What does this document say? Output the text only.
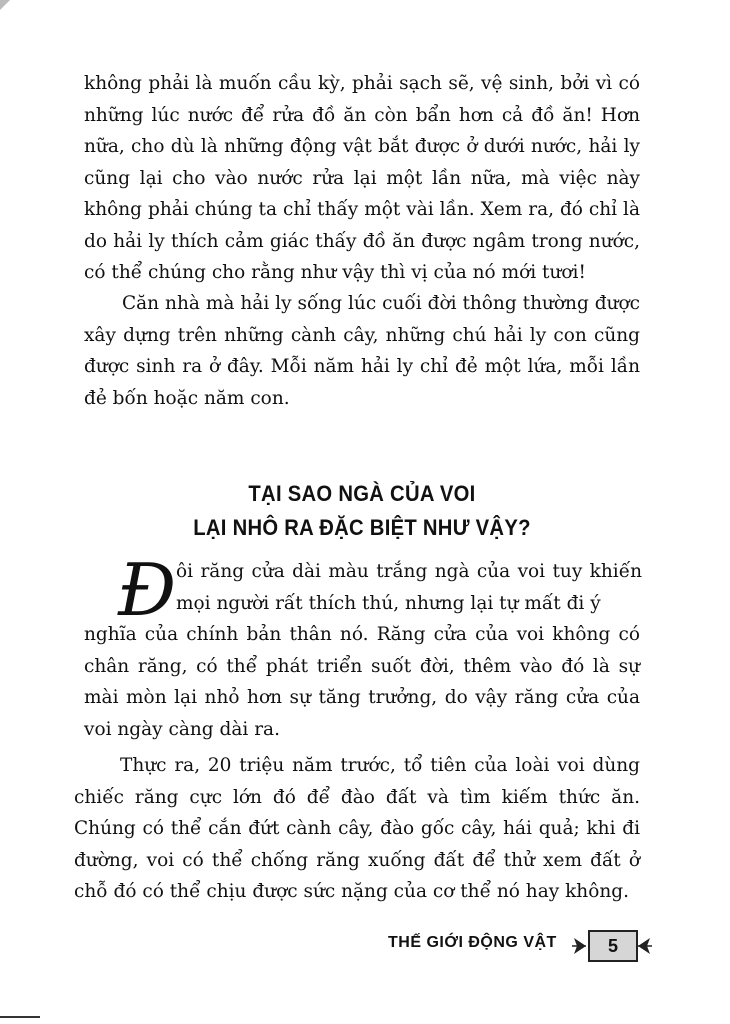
không phải là muốn cầu kỳ, phải sạch sẽ, vệ sinh, bởi vì có những lúc nước để rửa đồ ăn còn bẩn hơn cả đồ ăn! Hơn nữa, cho dù là những động vật bắt được ở dưới nước, hải ly cũng lại cho vào nước rửa lại một lần nữa, mà việc này không phải chúng ta chỉ thấy một vài lần. Xem ra, đó chỉ là do hải ly thích cảm giác thấy đồ ăn được ngâm trong nước, có thể chúng cho rằng như vậy thì vị của nó mới tươi!

Căn nhà mà hải ly sống lúc cuối đời thông thường được xây dựng trên những cành cây, những chú hải ly con cũng được sinh ra ở đây. Mỗi năm hải ly chỉ đẻ một lứa, mỗi lần đẻ bốn hoặc năm con.

TẠI SAO NGÀ CỦA VOI
LẠI NHÔ RA ĐẶC BIỆT NHƯ VẬY?
Đ ôi răng cửa dài màu trắng ngà của voi tuy khiến mọi người rất thích thú, nhưng lại tự mất đi ý

nghĩa của chính bản thân nó. Răng cửa của voi không có chân răng, có thể phát triển suốt đời, thêm vào đó là sự mài mòn lại nhỏ hơn sự tăng trưởng, do vậy răng cửa của voi ngày càng dài ra.

Thực ra, 20 triệu năm trước, tổ tiên của loài voi dùng chiếc răng cực lớn đó để đào đất và tìm kiếm thức ăn. Chúng có thể cắn đứt cành cây, đào gốc cây, hái quả; khi đi đường, voi có thể chống răng xuống đất để thử xem đất ở chỗ đó có thể chịu được sức nặng của cơ thể nó hay không.

THẾ GIỚI ĐỘNG VẬT	5
